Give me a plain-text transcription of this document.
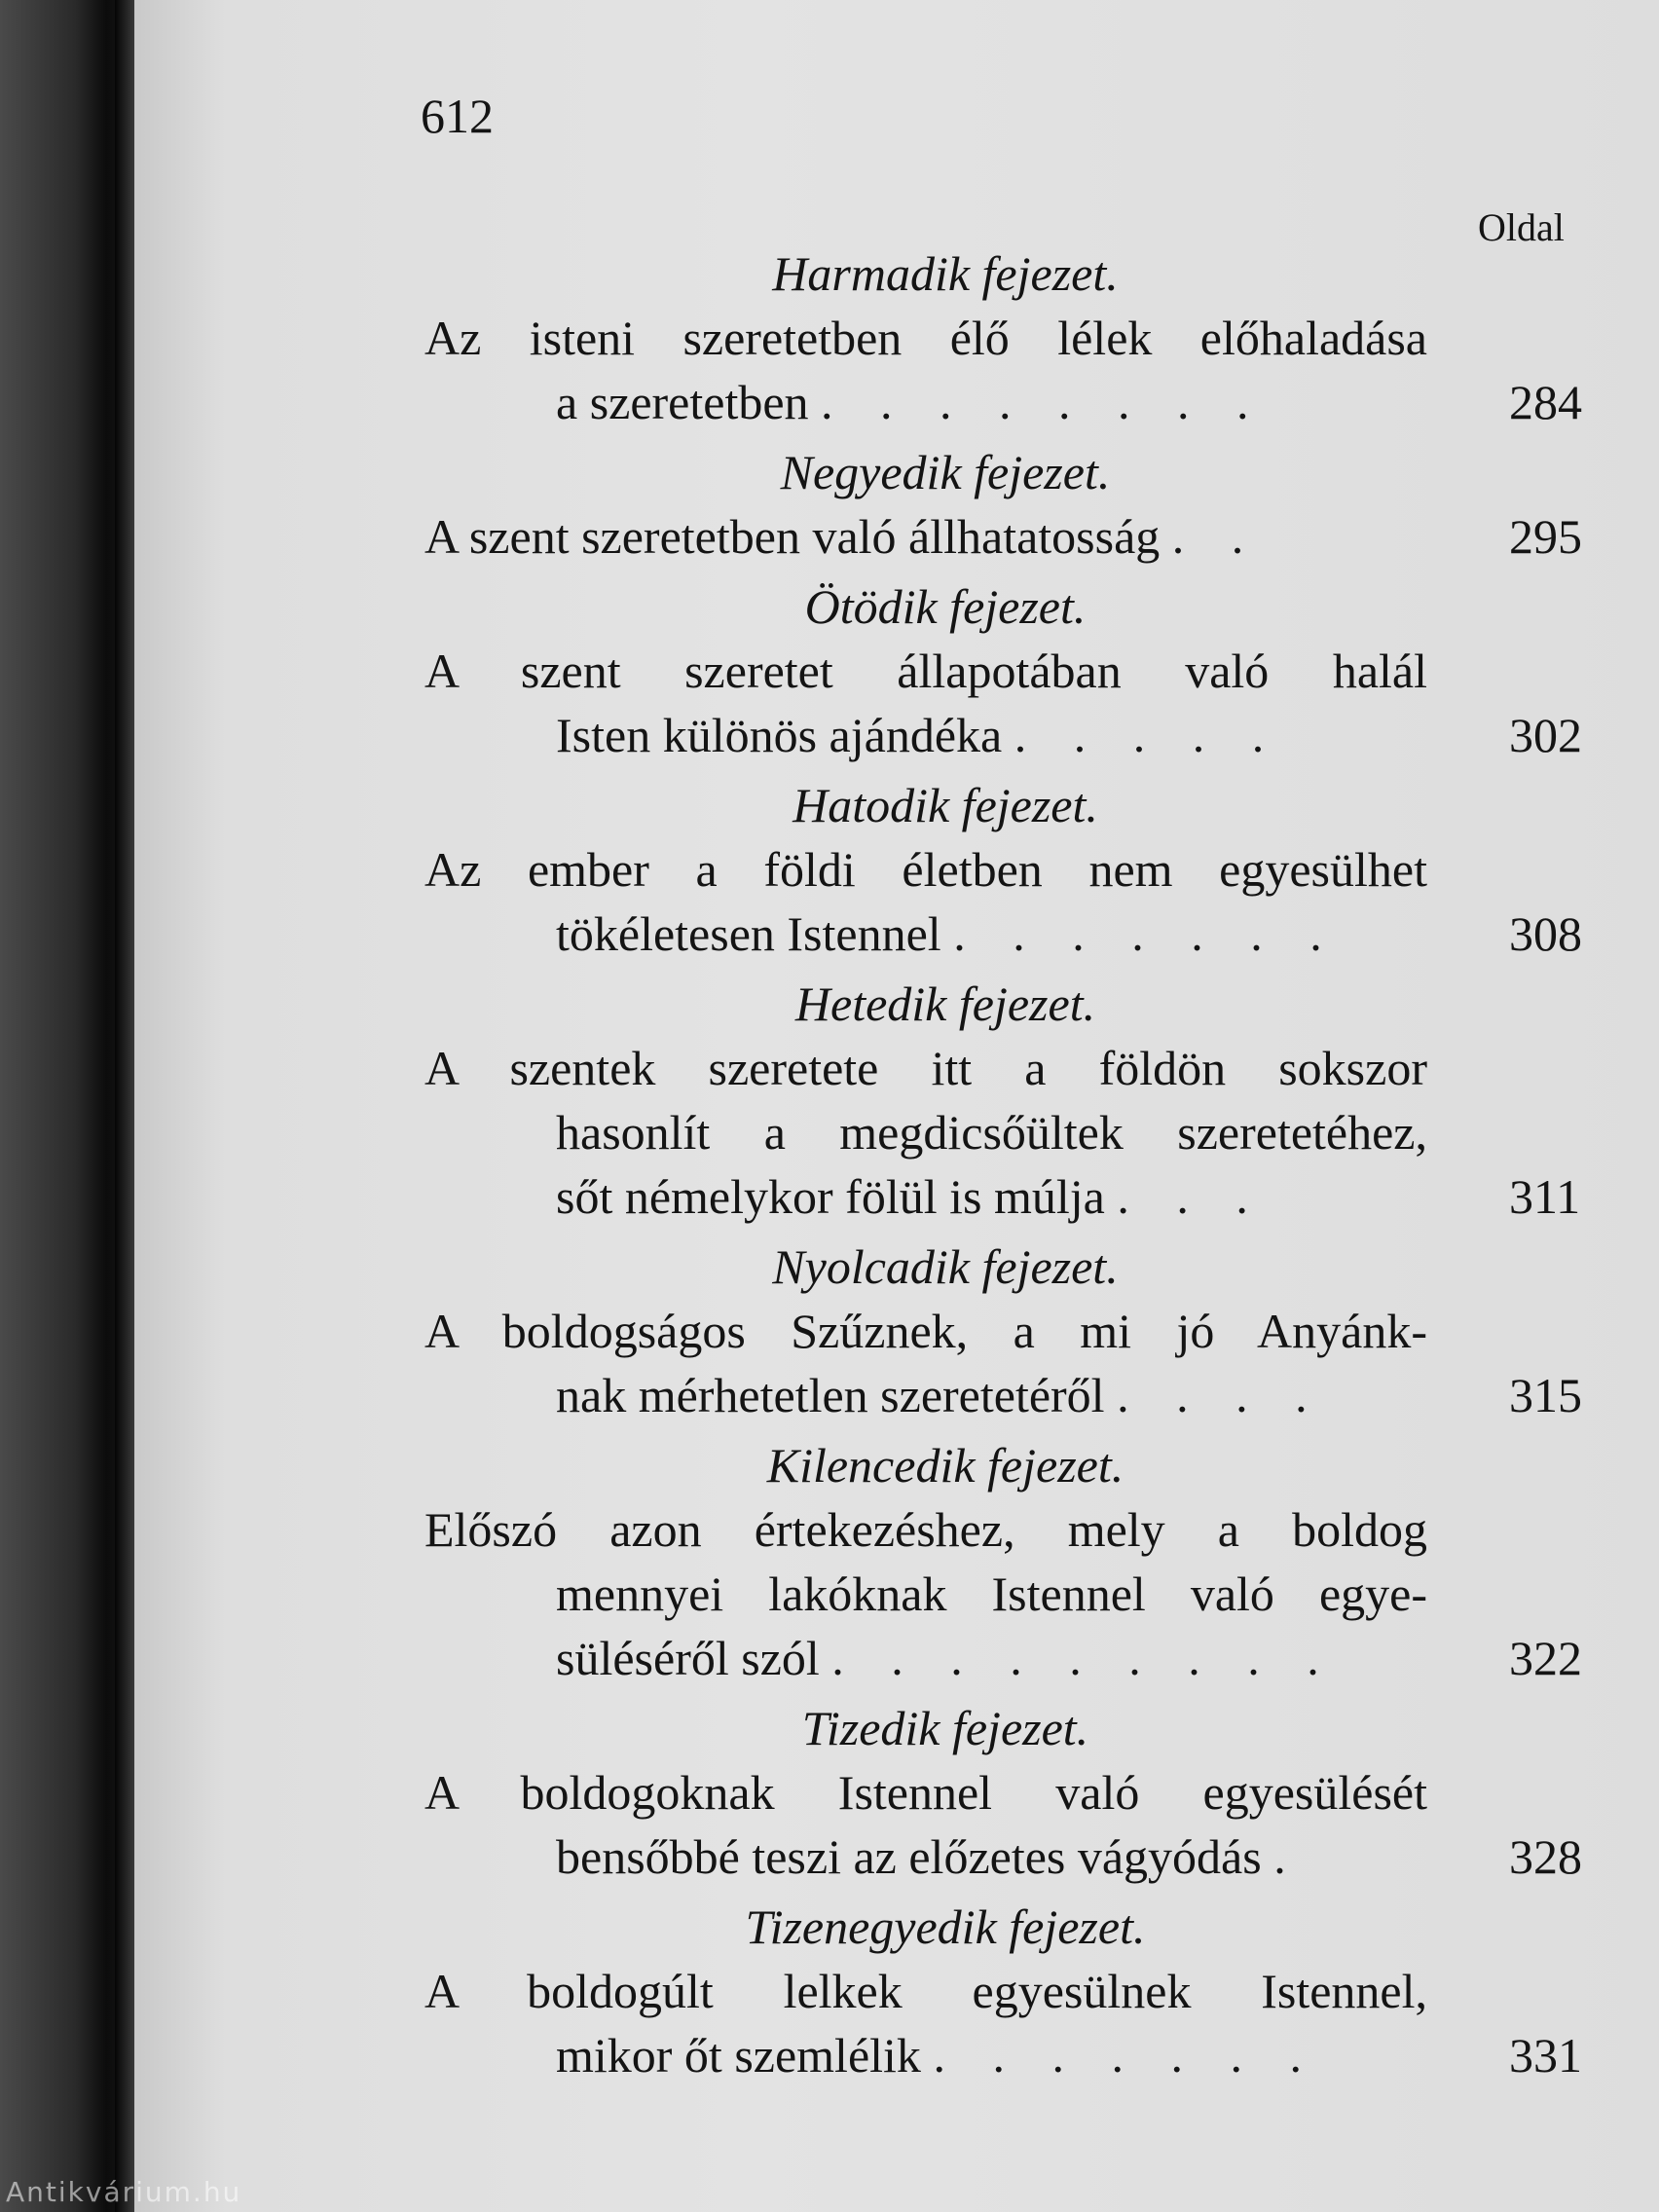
612
Oldal
Harmadik fejezet.
Az isteni szeretetben élő lélek előhaladása
a szeretetben . . . . . . . .	284
Negyedik fejezet.
A szent szeretetben való állhatatosság . .	295
Ötödik fejezet.
A szent szeretet állapotában való halál
Isten különös ajándéka . . . . .	302
Hatodik fejezet.
Az ember a földi életben nem egyesülhet
tökéletesen Istennel . . . . . . .	308
Hetedik fejezet.
A szentek szeretete itt a földön sokszor
hasonlít a megdicsőültek szeretetéhez,
sőt némelykor fölül is múlja . . .	311
Nyolcadik fejezet.
A boldogságos Szűznek, a mi jó Anyánk-
nak mérhetetlen szeretetéről . . . .	315
Kilencedik fejezet.
Előszó azon értekezéshez, mely a boldog
mennyei lakóknak Istennel való egye-
süléséről szól . . . . . . . . .	322
Tizedik fejezet.
A boldogoknak Istennel való egyesülését
bensőbbé teszi az előzetes vágyódás .	328
Tizenegyedik fejezet.
A boldogúlt lelkek egyesülnek Istennel,
mikor őt szemlélik . . . . . . .	331
Antikvárium.hu
